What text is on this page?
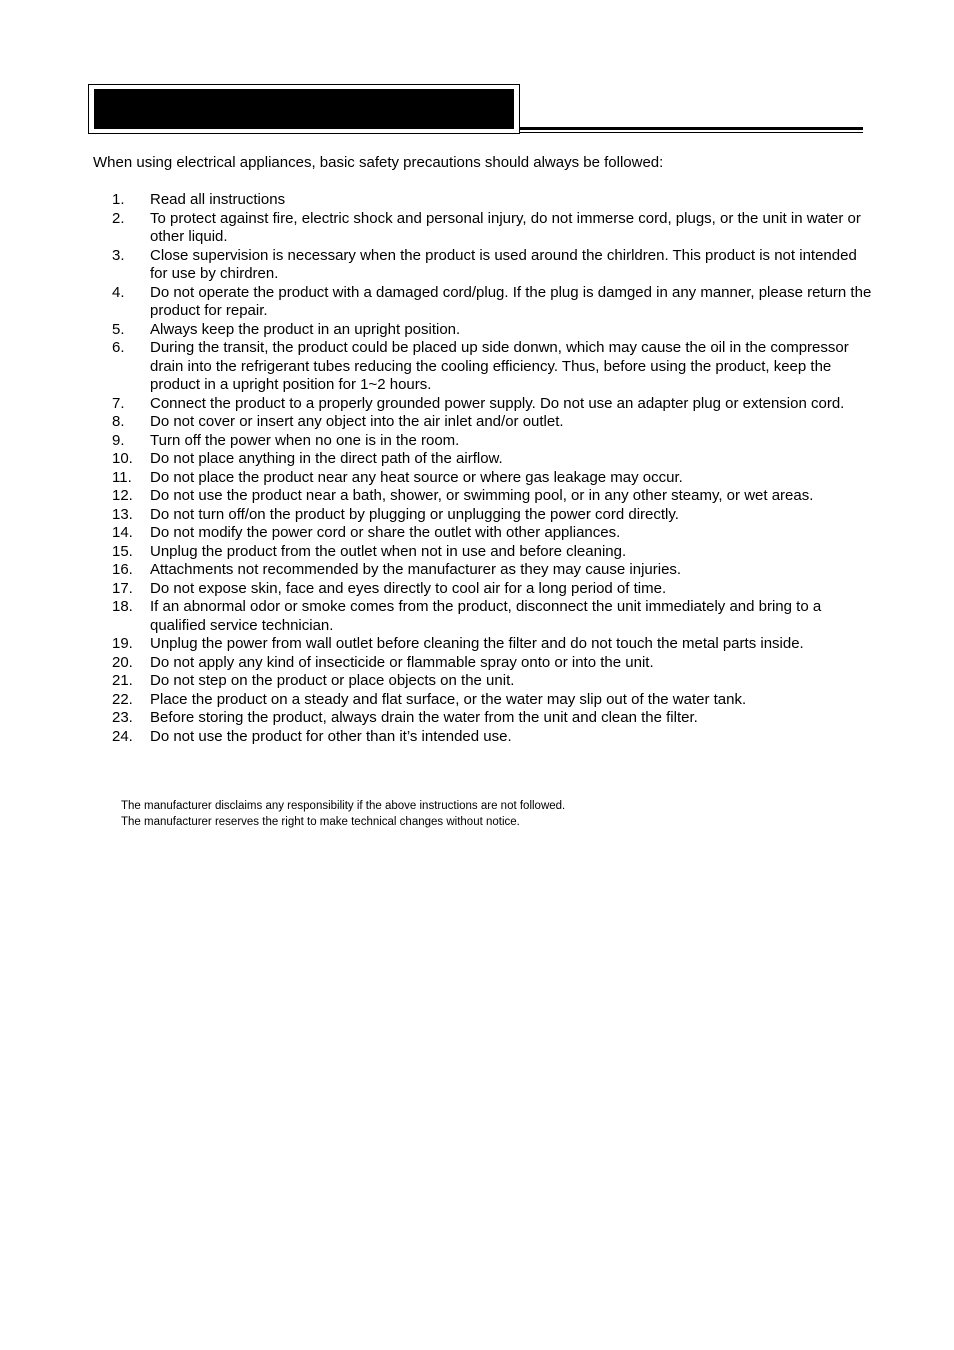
When using electrical appliances, basic safety precautions should always be followed:

1.	Read all instructions
2.	To protect against fire, electric shock and personal injury, do not immerse cord, plugs, or the unit in water or other liquid.
3.	Close supervision is necessary when the product is used around the chirldren. This product is not intended for use by chirdren.
4.	Do not operate the product with a damaged cord/plug. If the plug is damged in any manner, please return the product for repair.
5.	Always keep the product in an upright position.
6.	During the transit, the product could be placed up side donwn, which may cause the oil in the compressor drain into the refrigerant tubes reducing the cooling efficiency. Thus, before using the product, keep the product in a upright position for 1~2 hours.
7.	Connect the product to a properly grounded power supply. Do not use an adapter plug or extension cord.
8.	Do not cover or insert any object into the air inlet and/or outlet.
9.	Turn off the power when no one is in the room.
10.	Do not place anything in the direct path of the airflow.
11.	Do not place the product near any heat source or where gas leakage may occur.
12.	Do not use the product near a bath, shower, or swimming pool, or in any other steamy, or wet areas.
13.	Do not turn off/on the product by plugging or unplugging the power cord directly.
14.	Do not modify the power cord or share the outlet with other appliances.
15.	Unplug the product from the outlet when not in use and before cleaning.
16.	Attachments not recommended by the manufacturer as they may cause injuries.
17.	Do not expose skin, face and eyes directly to cool air for a long period of time.
18.	If an abnormal odor or smoke comes from the product, disconnect the unit immediately and bring to a qualified service technician.
19.	Unplug the power from wall outlet before cleaning the filter and do not touch the metal parts inside.
20.	Do not apply any kind of insecticide or flammable spray onto or into the unit.
21.	Do not step on the product or place objects on the unit.
22.	Place the product on a steady and flat surface, or the water may slip out of the water tank.
23.	Before storing the product, always drain the water from the unit and clean the filter.
24.	Do not use the product for other than it’s intended use.
The manufacturer disclaims any responsibility if the above instructions are not followed.
The manufacturer reserves the right to make technical changes without notice.
